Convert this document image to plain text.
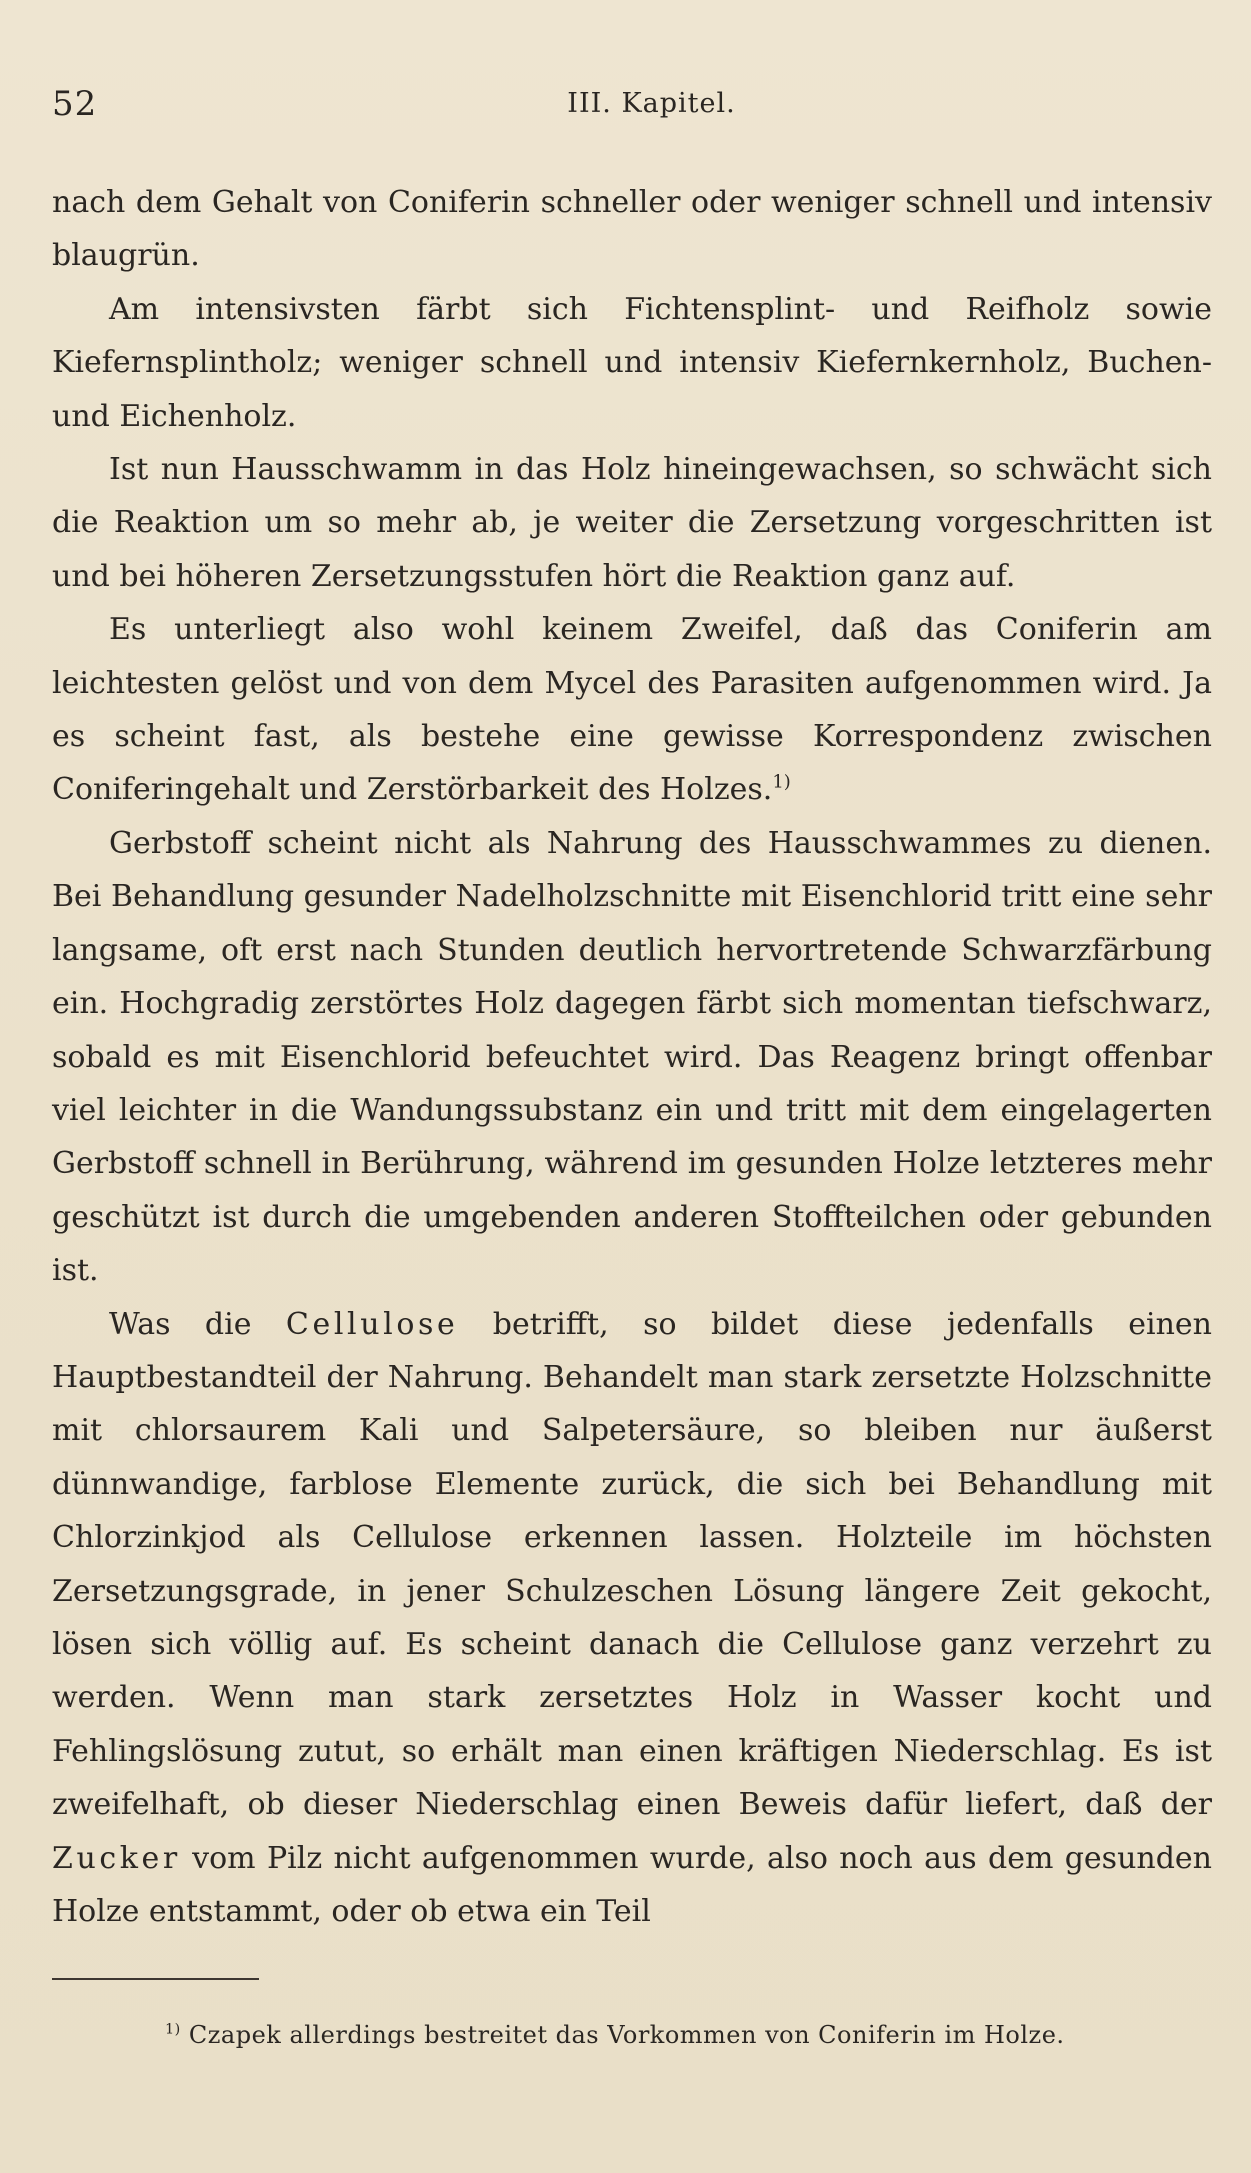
52	III. Kapitel.

nach dem Gehalt von Coniferin schneller oder weniger schnell und intensiv blaugrün.

Am intensivsten färbt sich Fichtensplint- und Reifholz sowie Kiefernsplintholz; weniger schnell und intensiv Kiefernkernholz, Buchen- und Eichenholz.

Ist nun Hausschwamm in das Holz hineingewachsen, so schwächt sich die Reaktion um so mehr ab, je weiter die Zersetzung vorgeschritten ist und bei höheren Zersetzungsstufen hört die Reaktion ganz auf.

Es unterliegt also wohl keinem Zweifel, daß das Coniferin am leichtesten gelöst und von dem Mycel des Parasiten aufgenommen wird. Ja es scheint fast, als bestehe eine gewisse Korrespondenz zwischen Coniferingehalt und Zerstörbarkeit des Holzes.$^{1)}$

Gerbstoff scheint nicht als Nahrung des Hausschwammes zu dienen. Bei Behandlung gesunder Nadelholzschnitte mit Eisenchlorid tritt eine sehr langsame, oft erst nach Stunden deutlich hervortretende Schwarzfärbung ein. Hochgradig zerstörtes Holz dagegen färbt sich momentan tiefschwarz, sobald es mit Eisenchlorid befeuchtet wird. Das Reagenz bringt offenbar viel leichter in die Wandungssubstanz ein und tritt mit dem eingelagerten Gerbstoff schnell in Berührung, während im gesunden Holze letzteres mehr geschützt ist durch die umgebenden anderen Stoffteilchen oder gebunden ist.

Was die Cellulose betrifft, so bildet diese jedenfalls einen Hauptbestandteil der Nahrung. Behandelt man stark zersetzte Holzschnitte mit chlorsaurem Kali und Salpetersäure, so bleiben nur äußerst dünnwandige, farblose Elemente zurück, die sich bei Behandlung mit Chlorzinkjod als Cellulose erkennen lassen. Holzteile im höchsten Zersetzungsgrade, in jener Schulzeschen Lösung längere Zeit gekocht, lösen sich völlig auf. Es scheint danach die Cellulose ganz verzehrt zu werden. Wenn man stark zersetztes Holz in Wasser kocht und Fehlingslösung zutut, so erhält man einen kräftigen Niederschlag. Es ist zweifelhaft, ob dieser Niederschlag einen Beweis dafür liefert, daß der Zucker vom Pilz nicht aufgenommen wurde, also noch aus dem gesunden Holze entstammt, oder ob etwa ein Teil

$^{1)}$ Czapek allerdings bestreitet das Vorkommen von Coniferin im Holze.
